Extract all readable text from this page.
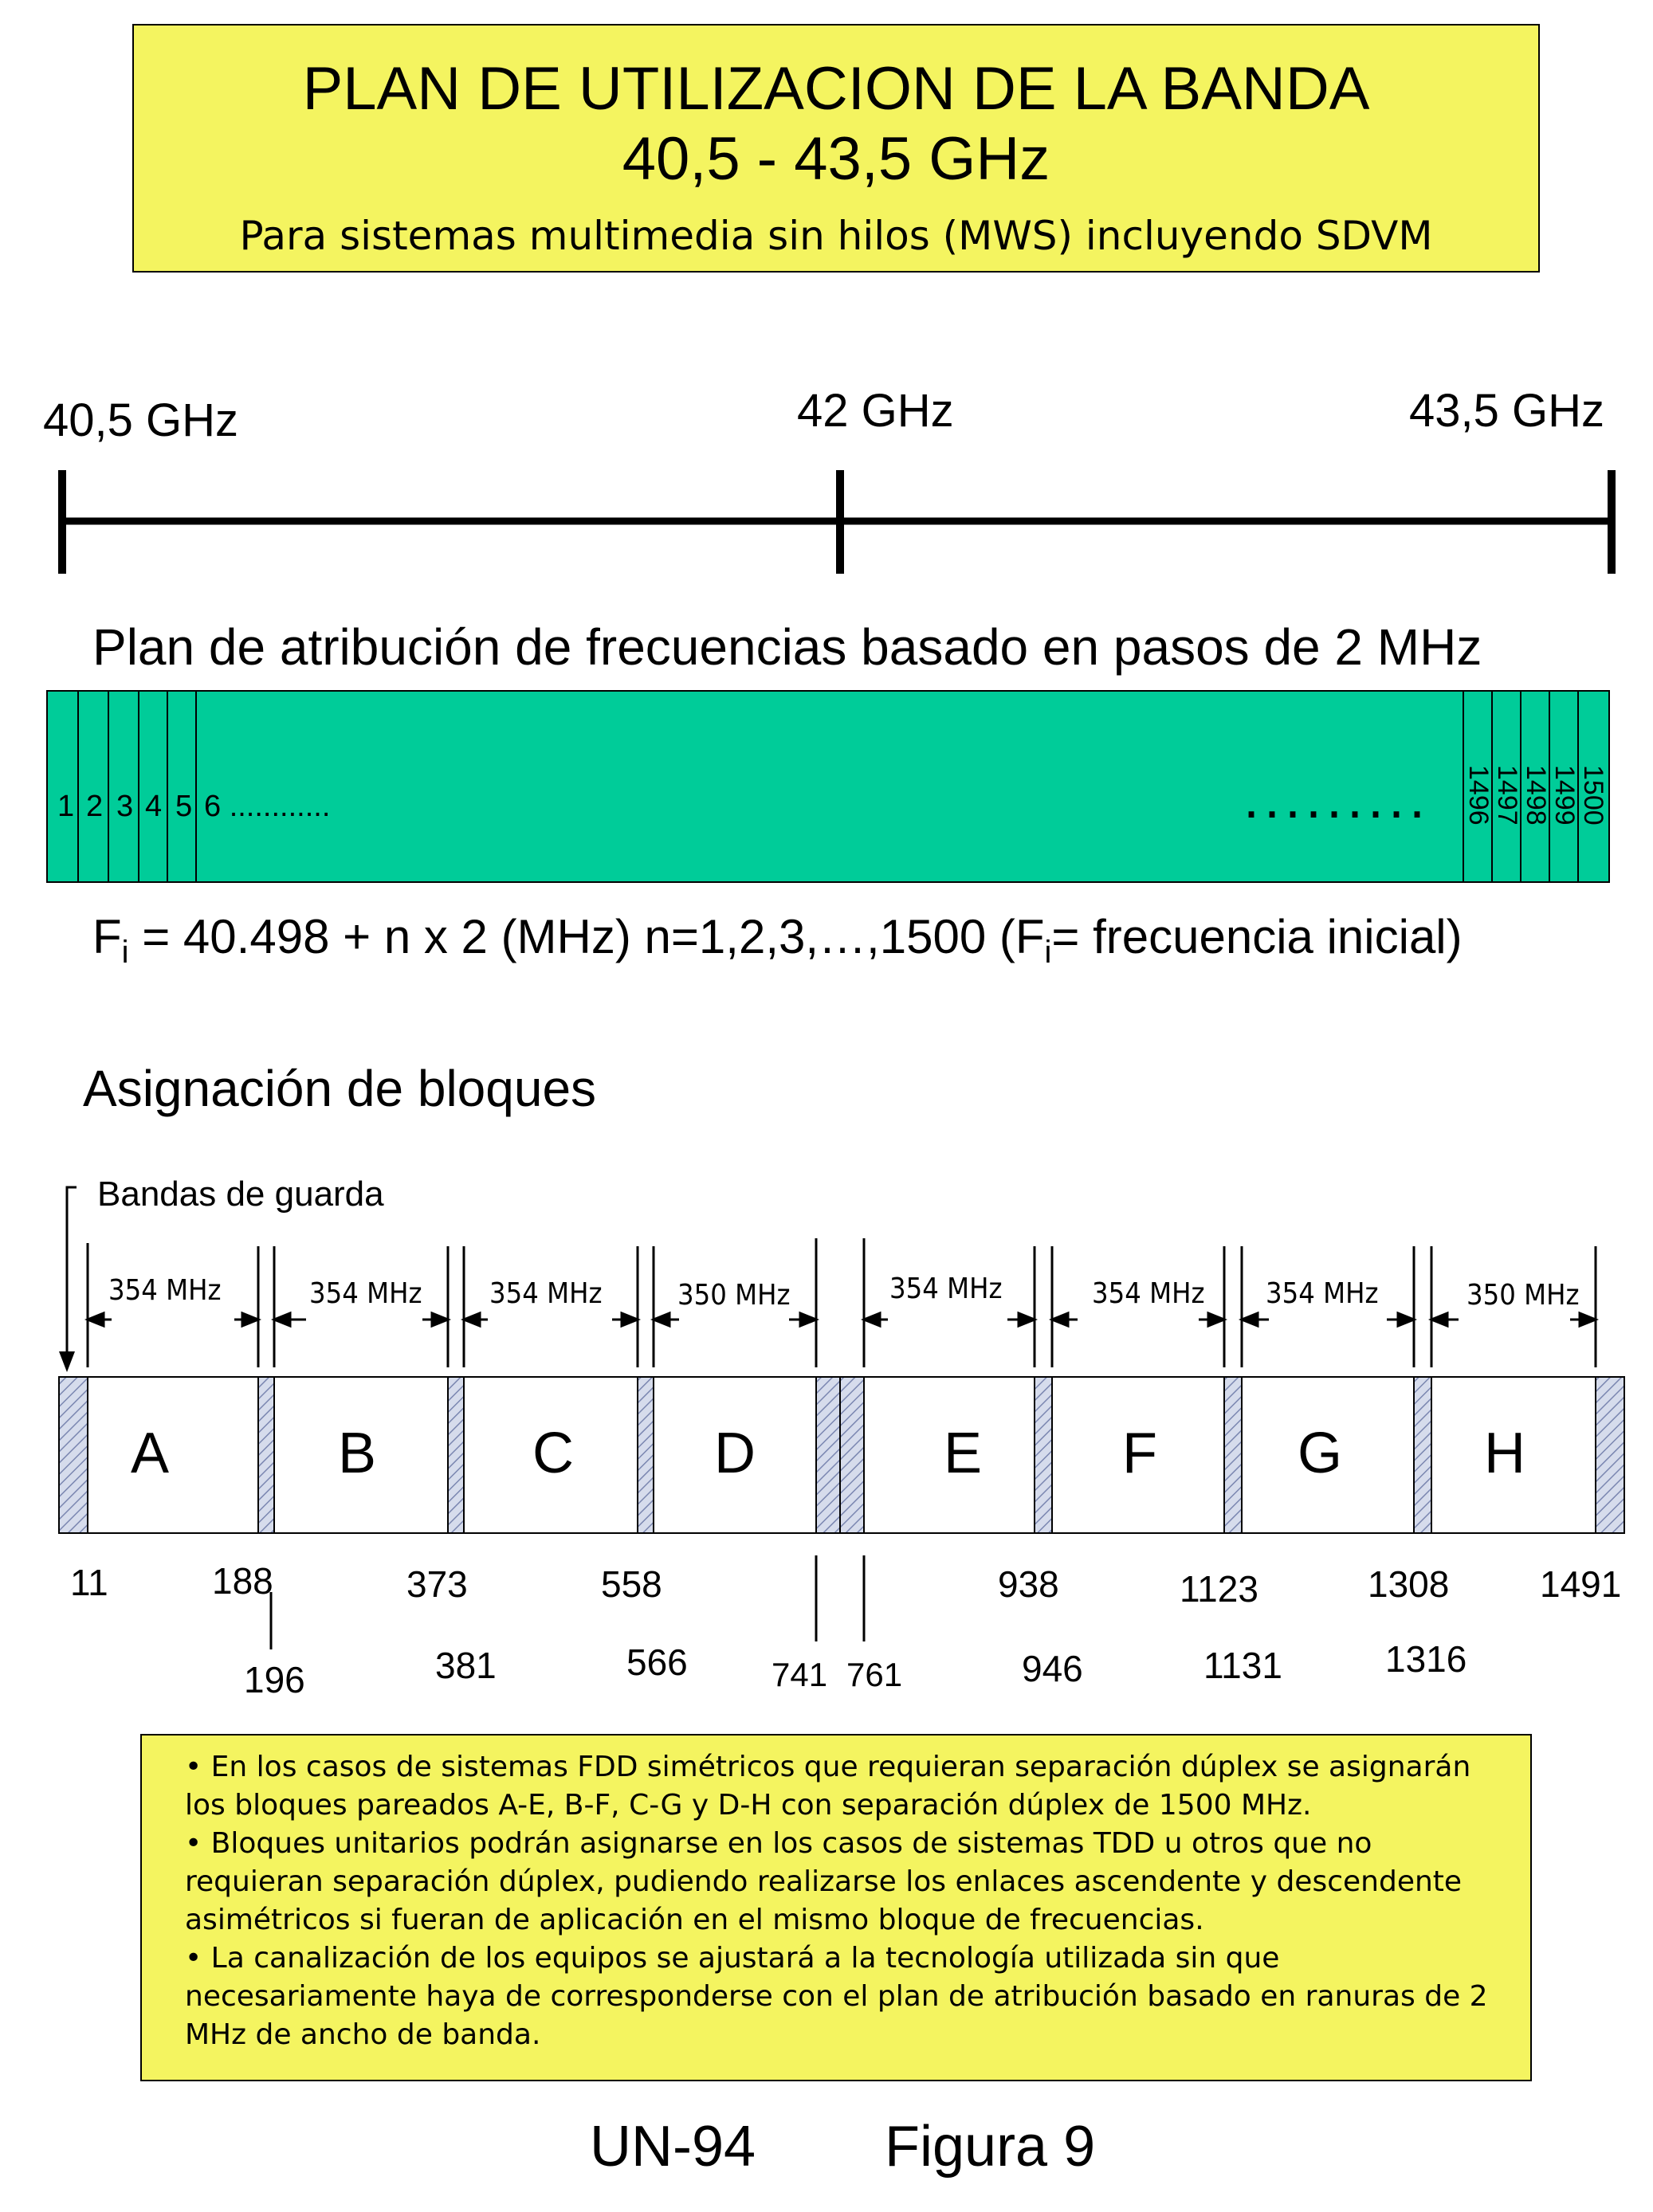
PLAN DE UTILIZACION DE LA BANDA
40,5 - 43,5 GHz
Para sistemas multimedia sin hilos (MWS) incluyendo SDVM
40,5 GHz	42 GHz	43,5 GHz
Plan de atribución de frecuencias basado en pasos de 2 MHz
1 2 3 4 5 6 ............	......... 1496
1497
1498
1499
1500
$F_i = 40.498 + n$ x 2 (MHz) n=1,2,3,…,1500 ($F_i=$ frecuencia inicial)
Asignación de bloques
Bandas de guarda
354 MHz	354 MHz 354 MHz	350 MHz	354 MHz	354 MHz 354 MHz	350 MHz
A	B	C	D	E	F	G	H
11	188	373	558	938	1123	1308 1491
196	381	566	741 761	946	1131	1316
• En los casos de sistemas FDD simétricos que requieran separación dúplex se asignarán
los bloques pareados A-E, B-F, C-G y D-H con separación dúplex de 1500 MHz.
• Bloques unitarios podrán asignarse en los casos de sistemas TDD u otros que no
requieran separación dúplex, pudiendo realizarse los enlaces ascendente y descendente
asimétricos si fueran de aplicación en el mismo bloque de frecuencias.
• La canalización de los equipos se ajustará a la tecnología utilizada sin que
necesariamente haya de corresponderse con el plan de atribución basado en ranuras de 2
MHz de ancho de banda.
UN-94 Figura 9
